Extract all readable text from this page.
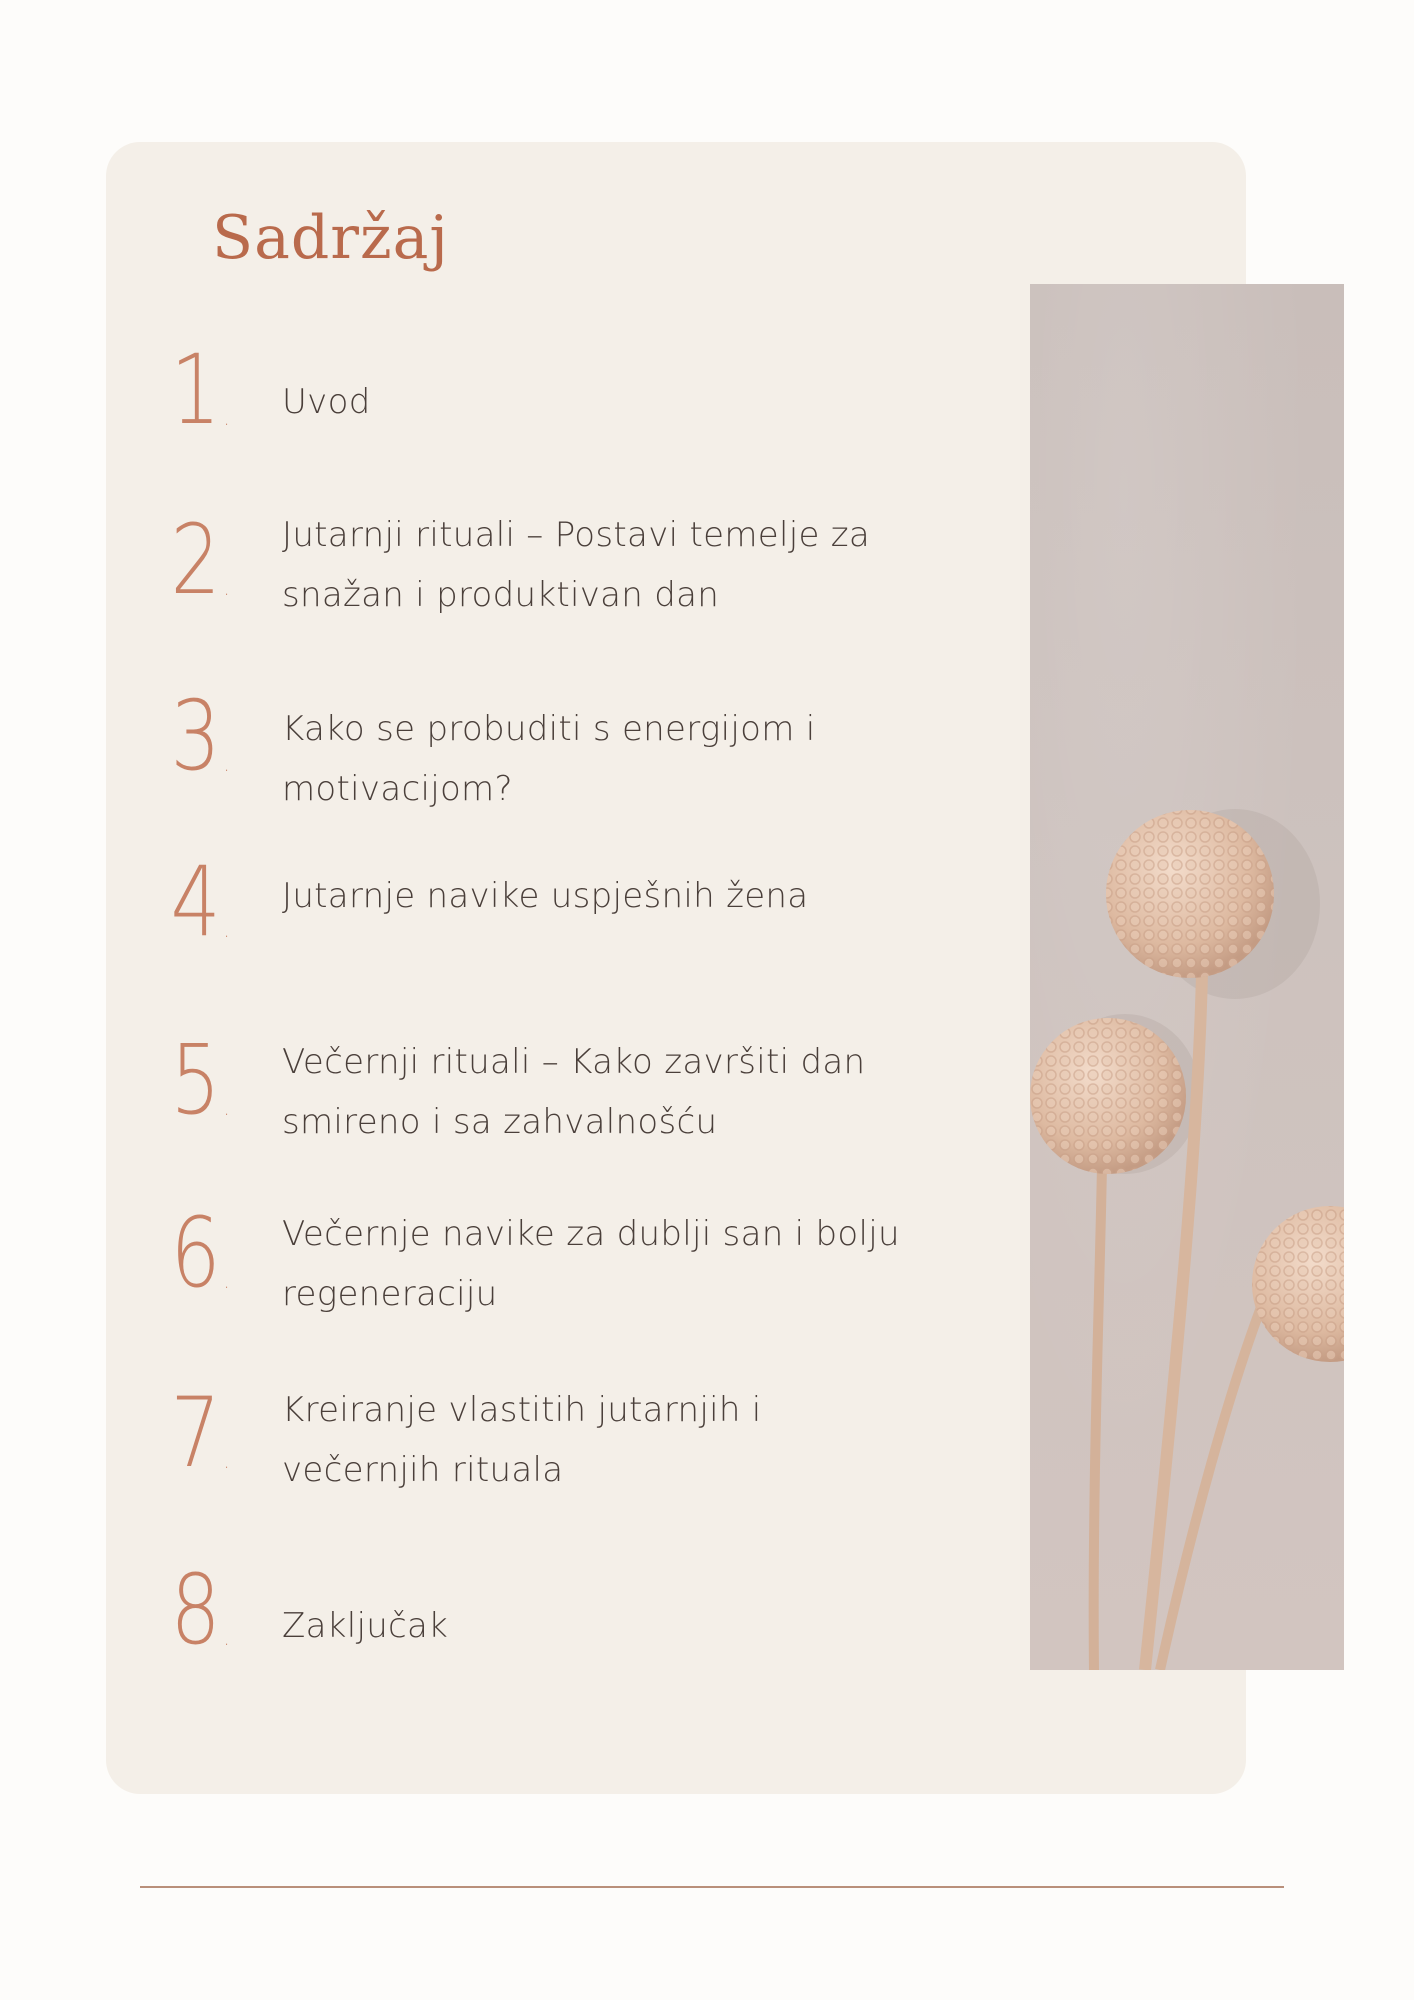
Sadržaj
1 . Uvod
2 .
Jutarnji rituali – Postavi temelje za snažan i produktivan dan
3 .
Kako se probuditi s energijom i motivacijom?
4 .
Jutarnje navike uspješnih žena
5 .
Večernji rituali – Kako završiti dan smireno i sa zahvalnošću
6 .
Večernje navike za dublji san i bolju regeneraciju
7 .
Kreiranje vlastitih jutarnjih i večernjih rituala
8 . Zaključak
